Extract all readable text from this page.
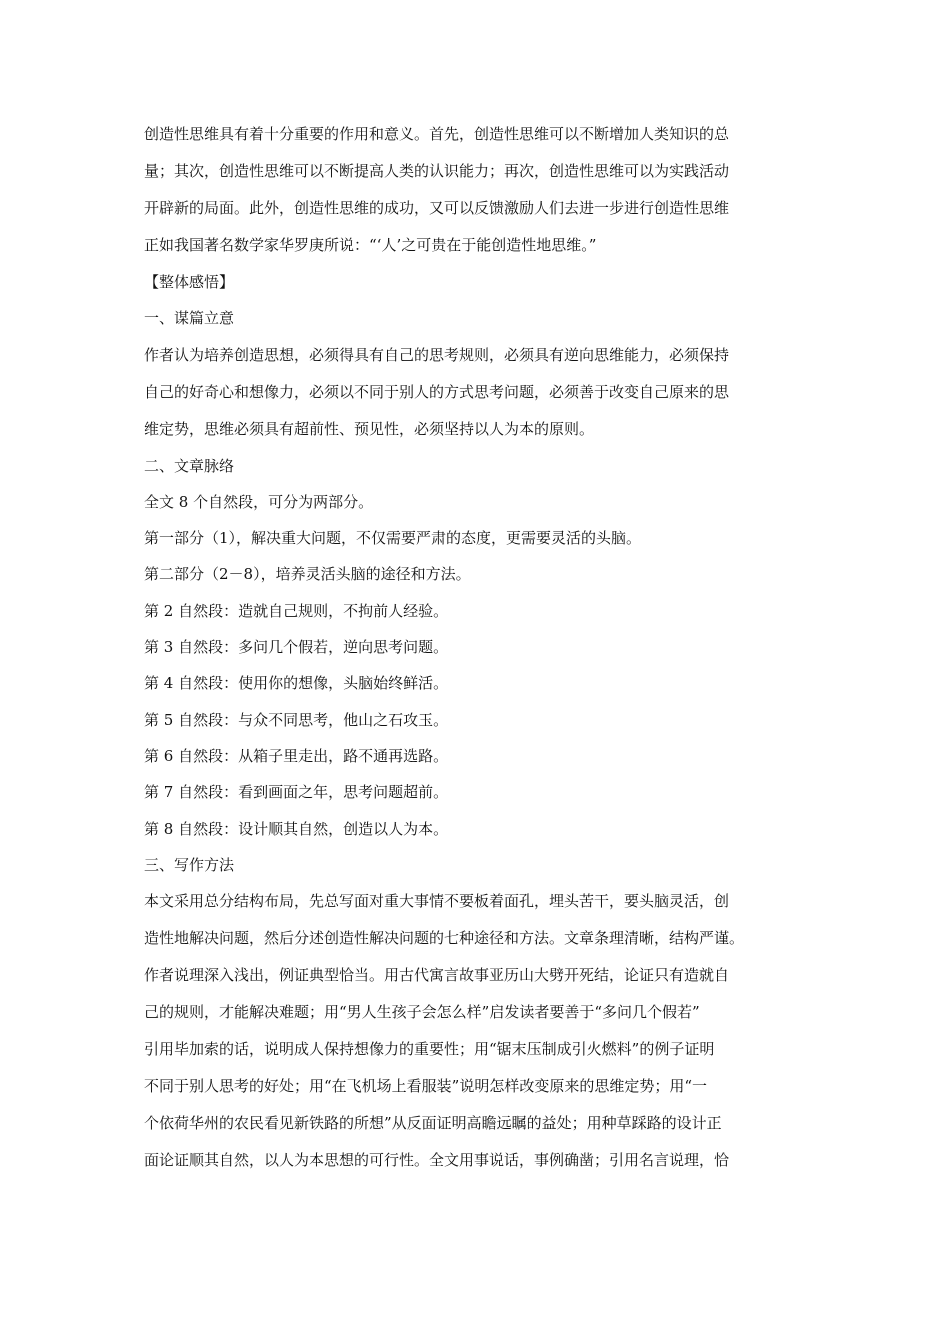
创造性思维具有着十分重要的作用和意义。首先，创造性思维可以不断增加人类知识的总
量；其次，创造性思维可以不断提高人类的认识能力；再次，创造性思维可以为实践活动
开辟新的局面。此外，创造性思维的成功，又可以反馈激励人们去进一步进行创造性思维
正如我国著名数学家华罗庚所说：“‘人’之可贵在于能创造性地思维。”
【整体感悟】
一、谋篇立意
作者认为培养创造思想，必须得具有自己的思考规则，必须具有逆向思维能力，必须保持
自己的好奇心和想像力，必须以不同于别人的方式思考问题，必须善于改变自己原来的思
维定势，思维必须具有超前性、预见性，必须坚持以人为本的原则。
二、文章脉络
全文 8 个自然段，可分为两部分。
第一部分（1），解决重大问题，不仅需要严肃的态度，更需要灵活的头脑。
第二部分（2－8），培养灵活头脑的途径和方法。
第 2 自然段：造就自己规则，不拘前人经验。
第 3 自然段：多问几个假若，逆向思考问题。
第 4 自然段：使用你的想像，头脑始终鲜活。
第 5 自然段：与众不同思考，他山之石攻玉。
第 6 自然段：从箱子里走出，路不通再选路。
第 7 自然段：看到画面之年，思考问题超前。
第 8 自然段：设计顺其自然，创造以人为本。
三、写作方法
本文采用总分结构布局，先总写面对重大事情不要板着面孔，埋头苦干，要头脑灵活，创
造性地解决问题，然后分述创造性解决问题的七种途径和方法。文章条理清晰，结构严谨。
作者说理深入浅出，例证典型恰当。用古代寓言故事亚历山大劈开死结，论证只有造就自
己的规则，才能解决难题；用“男人生孩子会怎么样”启发读者要善于“多问几个假若”
引用毕加索的话，说明成人保持想像力的重要性；用“锯末压制成引火燃料”的例子证明
不同于别人思考的好处；用“在飞机场上看服装”说明怎样改变原来的思维定势；用“一
个依荷华州的农民看见新铁路的所想”从反面证明高瞻远瞩的益处；用种草踩路的设计正
面论证顺其自然，以人为本思想的可行性。全文用事说话，事例确凿；引用名言说理，恰
